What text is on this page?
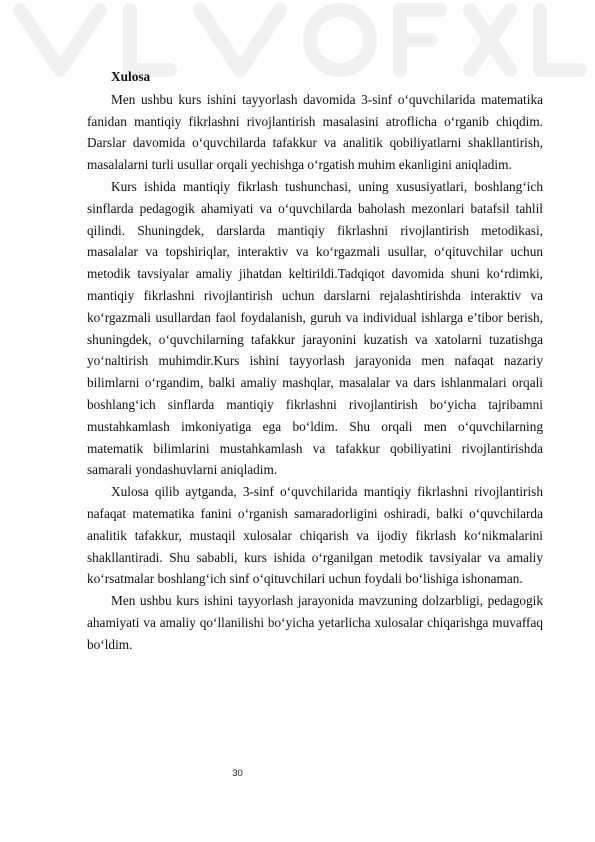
Xulosa

Men ushbu kurs ishini tayyorlash davomida 3-sinf o‘quvchilarida matematika fanidan mantiqiy fikrlashni rivojlantirish masalasini atroflicha o‘rganib chiqdim. Darslar davomida o‘quvchilarda tafakkur va analitik qobiliyatlarni shakllantirish, masalalarni turli usullar orqali yechishga o‘rgatish muhim ekanligini aniqladim.

Kurs ishida mantiqiy fikrlash tushunchasi, uning xususiyatlari, boshlang‘ich sinflarda pedagogik ahamiyati va o‘quvchilarda baholash mezonlari batafsil tahlil qilindi. Shuningdek, darslarda mantiqiy fikrlashni rivojlantirish metodikasi, masalalar va topshiriqlar, interaktiv va ko‘rgazmali usullar, o‘qituvchilar uchun metodik tavsiyalar amaliy jihatdan keltirildi.Tadqiqot davomida shuni ko‘rdimki, mantiqiy fikrlashni rivojlantirish uchun darslarni rejalashtirishda interaktiv va ko‘rgazmali usullardan faol foydalanish, guruh va individual ishlarga e’tibor berish, shuningdek, o‘quvchilarning tafakkur jarayonini kuzatish va xatolarni tuzatishga yo‘naltirish muhimdir.Kurs ishini tayyorlash jarayonida men nafaqat nazariy bilimlarni o‘rgandim, balki amaliy mashqlar, masalalar va dars ishlanmalari orqali boshlang‘ich sinflarda mantiqiy fikrlashni rivojlantirish bo‘yicha tajribamni mustahkamlash imkoniyatiga ega bo‘ldim. Shu orqali men o‘quvchilarning matematik bilimlarini mustahkamlash va tafakkur qobiliyatini rivojlantirishda samarali yondashuvlarni aniqladim.

Xulosa qilib aytganda, 3-sinf o‘quvchilarida mantiqiy fikrlashni rivojlantirish nafaqat matematika fanini o‘rganish samaradorligini oshiradi, balki o‘quvchilarda analitik tafakkur, mustaqil xulosalar chiqarish va ijodiy fikrlash ko‘nikmalarini shakllantiradi. Shu sababli, kurs ishida o‘rganilgan metodik tavsiyalar va amaliy ko‘rsatmalar boshlang‘ich sinf o‘qituvchilari uchun foydali bo‘lishiga ishonaman.

Men ushbu kurs ishini tayyorlash jarayonida mavzuning dolzarbligi, pedagogik ahamiyati va amaliy qo‘llanilishi bo‘yicha yetarlicha xulosalar chiqarishga muvaffaq bo‘ldim.

30
